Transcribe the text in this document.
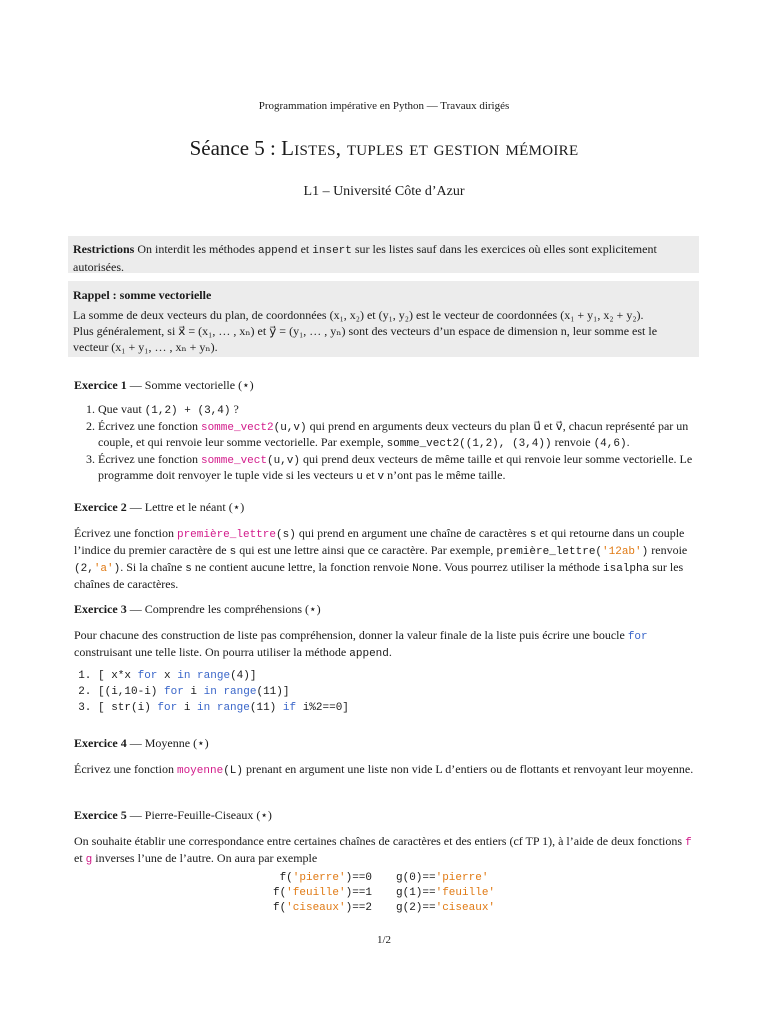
Programmation impérative en Python — Travaux dirigés
Séance 5 : Listes, tuples et gestion mémoire
L1 – Université Côte d’Azur
Restrictions On interdit les méthodes append et insert sur les listes sauf dans les exercices où elles sont explicitement autorisées.
Rappel : somme vectorielle
La somme de deux vecteurs du plan, de coordonnées (x₁, x₂) et (y₁, y₂) est le vecteur de coordonnées (x₁ + y₁, x₂ + y₂).
Plus généralement, si x⃗ = (x₁, … , xₙ) et y⃗ = (y₁, … , yₙ) sont des vecteurs d’un espace de dimension n, leur somme est le
vecteur (x₁ + y₁, … , xₙ + yₙ).
Exercice 1 — Somme vectorielle (⋆)
1. Que vaut (1,2) + (3,4) ?
2. Écrivez une fonction somme_vect2(u,v) qui prend en arguments deux vecteurs du plan u⃗ et v⃗, chacun représenté par un couple, et qui renvoie leur somme vectorielle. Par exemple, somme_vect2((1,2), (3,4)) renvoie (4,6).
3. Écrivez une fonction somme_vect(u,v) qui prend deux vecteurs de même taille et qui renvoie leur somme vectorielle. Le programme doit renvoyer le tuple vide si les vecteurs u et v n’ont pas le même taille.
Exercice 2 — Lettre et le néant (⋆)
Écrivez une fonction première_lettre(s) qui prend en argument une chaîne de caractères s et qui retourne dans un couple l’indice du premier caractère de s qui est une lettre ainsi que ce caractère. Par exemple, première_lettre('12ab') renvoie (2,'a'). Si la chaîne s ne contient aucune lettre, la fonction renvoie None. Vous pourrez utiliser la méthode isalpha sur les chaînes de caractères.
Exercice 3 — Comprendre les compréhensions (⋆)
Pour chacune des construction de liste pas compréhension, donner la valeur finale de la liste puis écrire une boucle for construisant une telle liste. On pourra utiliser la méthode append.
1. [ x*x for x in range(4)]
2. [(i,10-i) for i in range(11)]
3. [ str(i) for i in range(11) if i%2==0]
Exercice 4 — Moyenne (⋆)
Écrivez une fonction moyenne(L) prenant en argument une liste non vide L d’entiers ou de flottants et renvoyant leur moyenne.
Exercice 5 — Pierre-Feuille-Ciseaux (⋆)
On souhaite établir une correspondance entre certaines chaînes de caractères et des entiers (cf TP 1), à l’aide de deux fonctions f et g inverses l’une de l’autre. On aura par exemple
f('pierre')==0	g(0)=='pierre'
f('feuille')==1	g(1)=='feuille'
f('ciseaux')==2	g(2)=='ciseaux'
1/2
